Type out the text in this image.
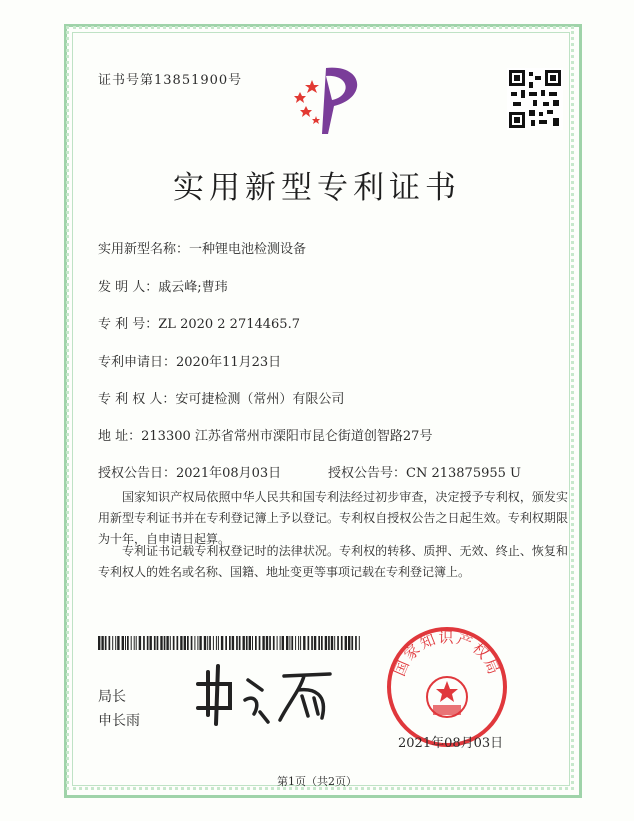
证书号第13851900号
实用新型专利证书
实用新型名称：一种锂电池检测设备
发 明 人：戚云峰;曹玮
专 利 号：ZL 2020 2 2714465.7
专利申请日：2020年11月23日
专 利 权 人：安可捷检测（常州）有限公司
地 址：213300 江苏省常州市溧阳市昆仑街道创智路27号
授权公告日：2021年08月03日	授权公告号：CN 213875955 U
国家知识产权局依照中华人民共和国专利法经过初步审查，决定授予专利权，颁发实用新型专利证书并在专利登记簿上予以登记。专利权自授权公告之日起生效。专利权期限为十年，自申请日起算。
专利证书记载专利权登记时的法律状况。专利权的转移、质押、无效、终止、恢复和专利权人的姓名或名称、国籍、地址变更等事项记载在专利登记簿上。
局长
申长雨
国家知识产权局
2021年08月03日
第1页（共2页）
